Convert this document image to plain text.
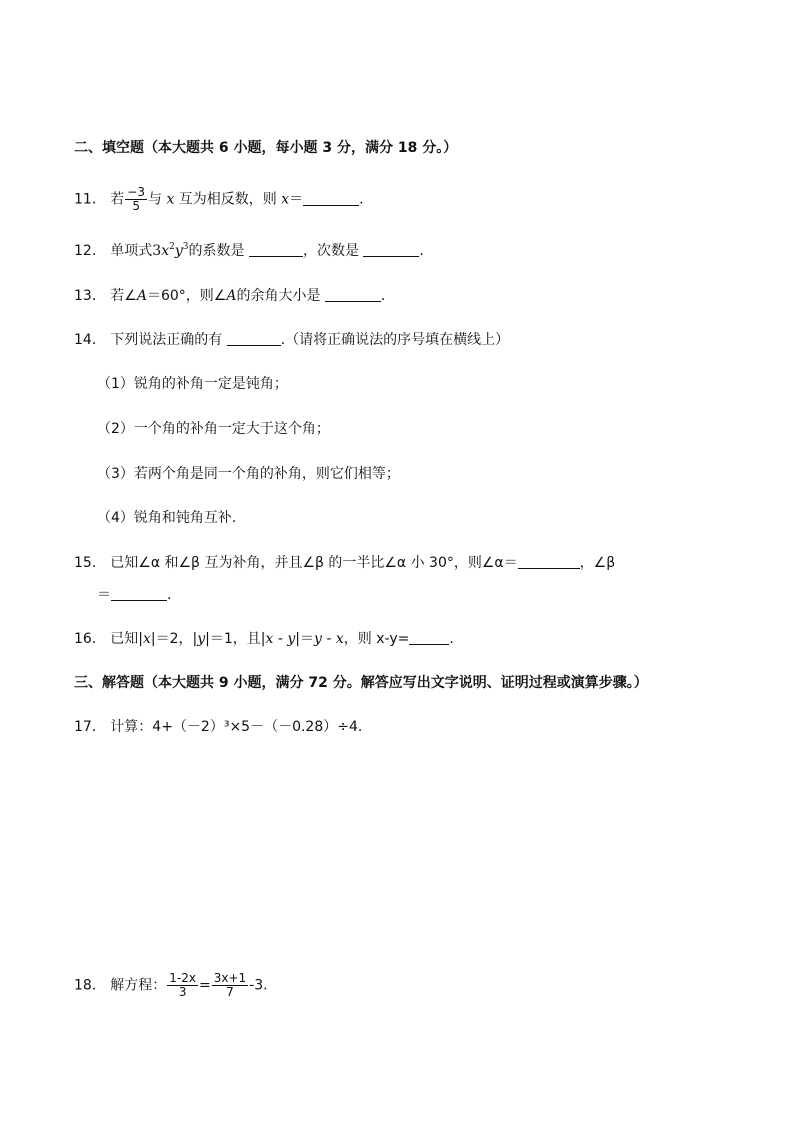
二、填空题（本大题共 6 小题，每小题 3 分，满分 18 分。）
11． 若 $\frac{-3}{5}$ 与 x 互为相反数，则 x＝	.
12． 单项式$3x^2y^3$的系数是	，次数是	.
13． 若∠A＝60°，则∠A的余角大小是	.
14． 下列说法正确的有	.（请将正确说法的序号填在横线上）
（1）锐角的补角一定是钝角；
（2）一个角的补角一定大于这个角；
（3）若两个角是同一个角的补角，则它们相等；
（4）锐角和钝角互补.
15． 已知∠α 和∠β 互为补角，并且∠β 的一半比∠α 小 30°，则∠α＝	，∠β
＝	.
16． 已知|x|＝2，|y|＝1，且|x - y|＝y - x，则 x-y=	.
三、解答题（本大题共 9 小题，满分 72 分。解答应写出文字说明、证明过程或演算步骤。）
17． 计算：4+（－2）³×5－（－0.28）÷4.
18． 解方程： $\frac{1-2x}{3} = \frac{3x+1}{7} -3$.
